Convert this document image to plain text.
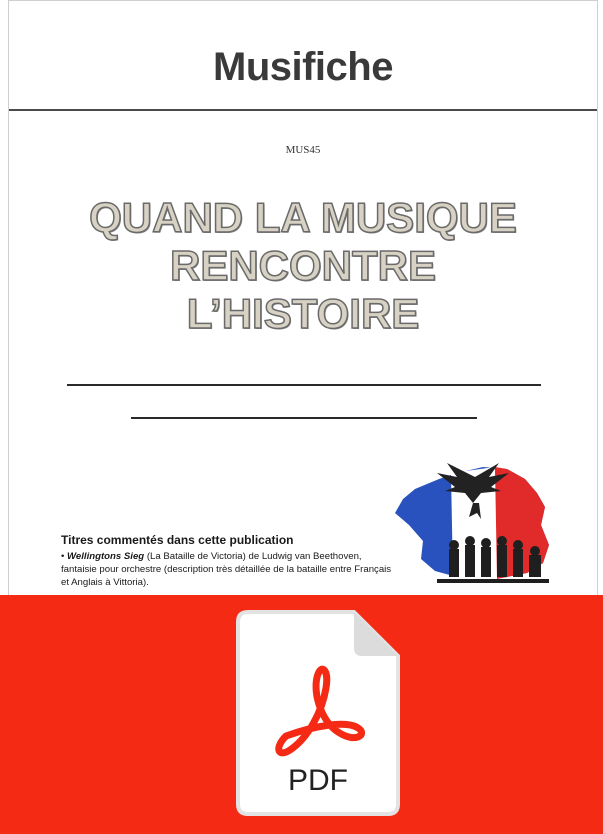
Musifiche
MUS45
QUAND LA MUSIQUE
RENCONTRE
L’HISTOIRE
Titres commentés dans cette publication
• Wellingtons Sieg (La Bataille de Victoria) de Ludwig van Beethoven, fantaisie pour orchestre (description très détaillée de la bataille entre Français et Anglais à Vittoria).
PDF
